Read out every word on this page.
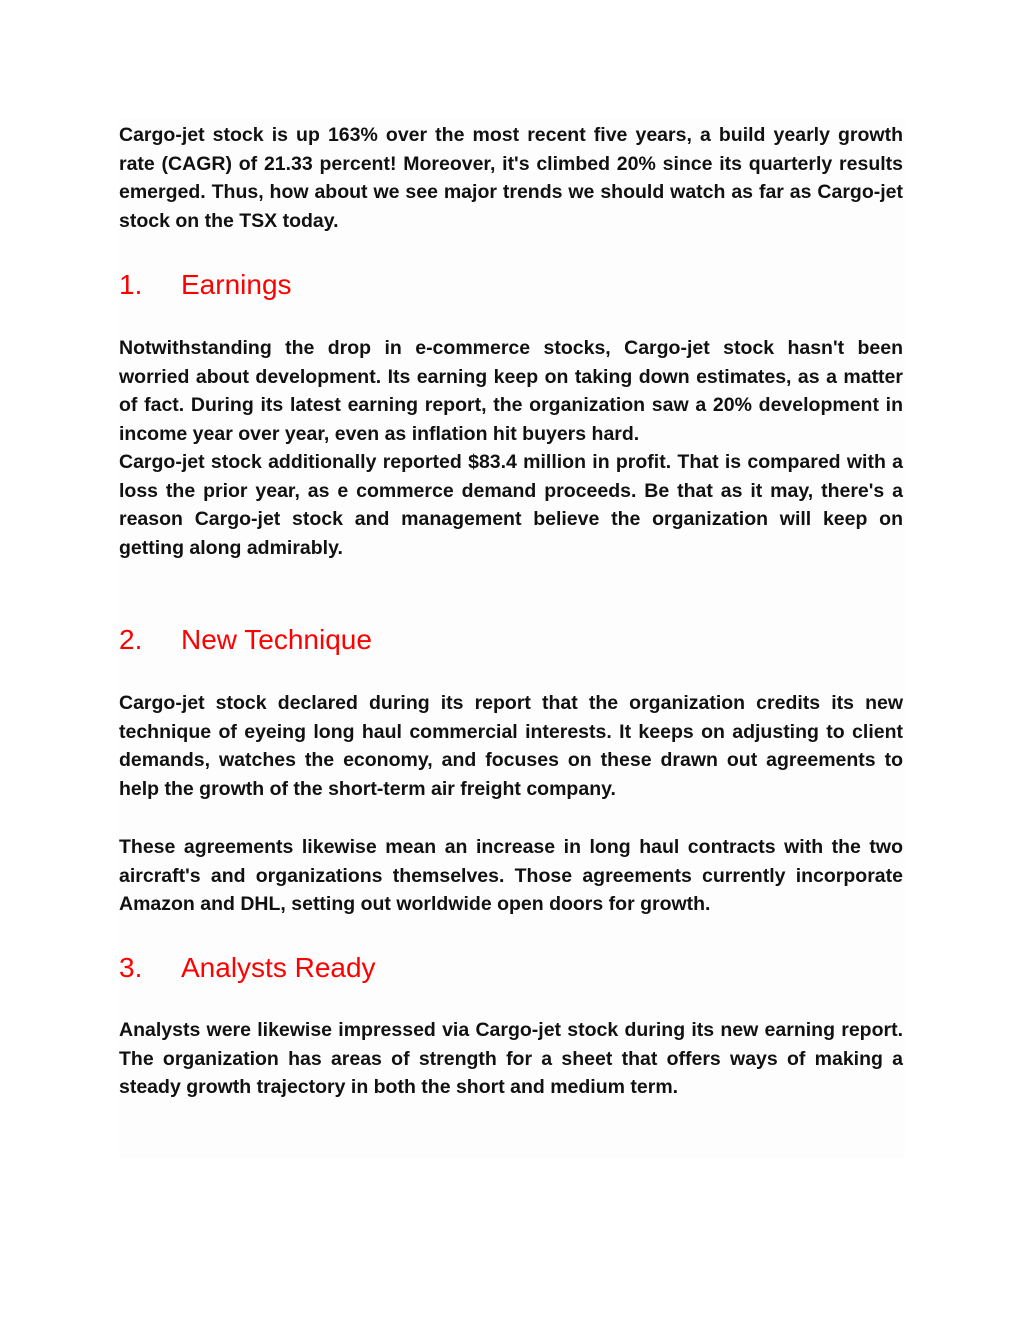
Cargo-jet stock is up 163% over the most recent five years, a build yearly growth rate (CAGR) of 21.33 percent! Moreover, it's climbed 20% since its quarterly results emerged. Thus, how about we see major trends we should watch as far as Cargo-jet stock on the TSX today.

1. Earnings

Notwithstanding the drop in e-commerce stocks, Cargo-jet stock hasn't been worried about development. Its earning keep on taking down estimates, as a matter of fact. During its latest earning report, the organization saw a 20% development in income year over year, even as inflation hit buyers hard.

Cargo-jet stock additionally reported $83.4 million in profit. That is compared with a loss the prior year, as e commerce demand proceeds. Be that as it may, there's a reason Cargo-jet stock and management believe the organization will keep on getting along admirably.

2. New Technique

Cargo-jet stock declared during its report that the organization credits its new technique of eyeing long haul commercial interests. It keeps on adjusting to client demands, watches the economy, and focuses on these drawn out agreements to help the growth of the short-term air freight company.

These agreements likewise mean an increase in long haul contracts with the two aircraft's and organizations themselves. Those agreements currently incorporate Amazon and DHL, setting out worldwide open doors for growth.

3. Analysts Ready

Analysts were likewise impressed via Cargo-jet stock during its new earning report. The organization has areas of strength for a sheet that offers ways of making a steady growth trajectory in both the short and medium term.
